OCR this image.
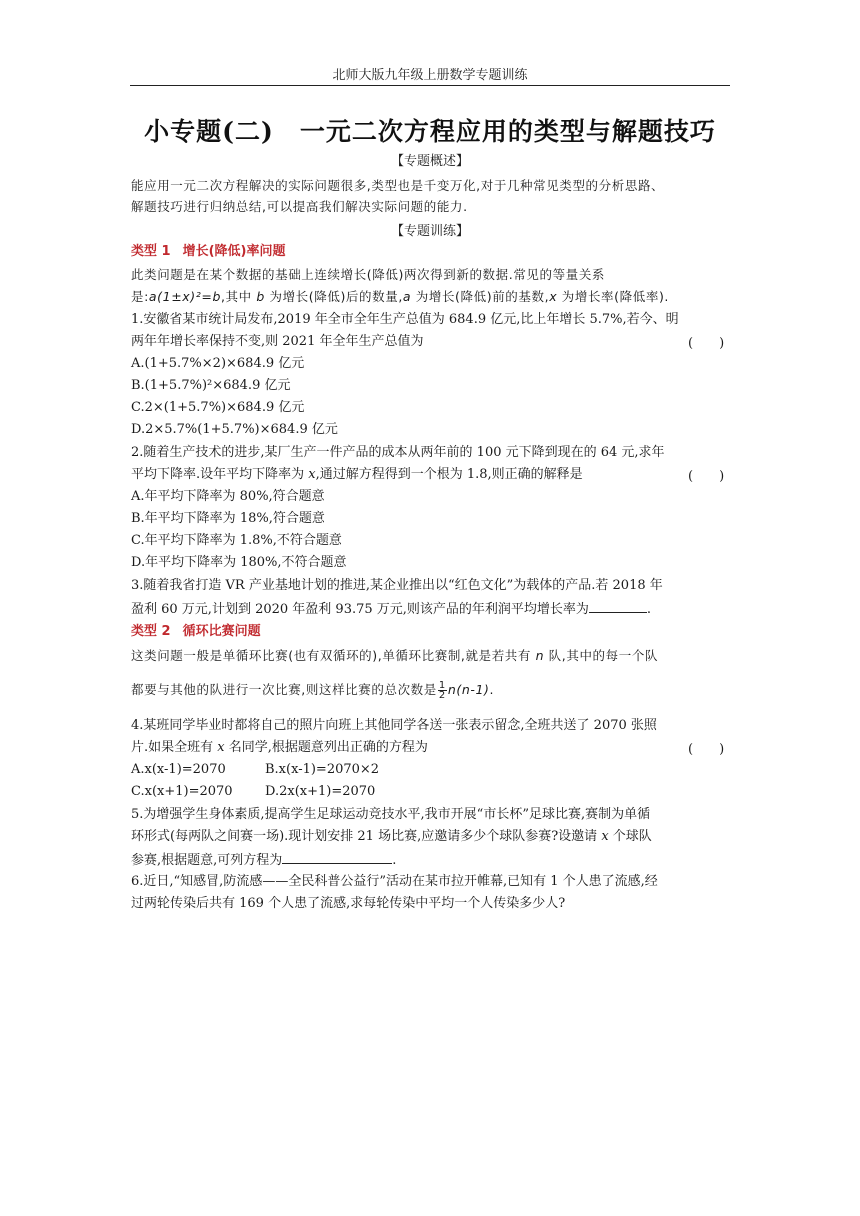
北师大版九年级上册数学专题训练
小专题(二)　一元二次方程应用的类型与解题技巧
【专题概述】
能应用一元二次方程解决的实际问题很多,类型也是千变万化,对于几种常见类型的分析思路、
解题技巧进行归纳总结,可以提高我们解决实际问题的能力.
【专题训练】
类型 1 增长(降低)率问题
此类问题是在某个数据的基础上连续增长(降低)两次得到新的数据.常见的等量关系
是:a(1±x)²=b,其中 b 为增长(降低)后的数量,a 为增长(降低)前的基数,x 为增长率(降低率).
1.安徽省某市统计局发布,2019 年全市全年生产总值为 684.9 亿元,比上年增长 5.7%,若今、明
两年年增长率保持不变,则 2021 年全年生产总值为	(　　)
A.(1+5.7%×2)×684.9 亿元
B.(1+5.7%)²×684.9 亿元
C.2×(1+5.7%)×684.9 亿元
D.2×5.7%(1+5.7%)×684.9 亿元
2.随着生产技术的进步,某厂生产一件产品的成本从两年前的 100 元下降到现在的 64 元,求年
平均下降率.设年平均下降率为 x,通过解方程得到一个根为 1.8,则正确的解释是	(　　)
A.年平均下降率为 80%,符合题意
B.年平均下降率为 18%,符合题意
C.年平均下降率为 1.8%,不符合题意
D.年平均下降率为 180%,不符合题意
3.随着我省打造 VR 产业基地计划的推进,某企业推出以“红色文化”为载体的产品.若 2018 年
盈利 60 万元,计划到 2020 年盈利 93.75 万元,则该产品的年利润平均增长率为	.
类型 2 循环比赛问题
这类问题一般是单循环比赛(也有双循环的),单循环比赛制,就是若共有 n 队,其中的每一个队
都要与其他的队进行一次比赛,则这样比赛的总次数是 $\frac{1}{2} n(n-1)$.
4.某班同学毕业时都将自己的照片向班上其他同学各送一张表示留念,全班共送了 2070 张照
片.如果全班有 x 名同学,根据题意列出正确的方程为	(　　)
A.x(x-1)=2070	B.x(x-1)=2070×2
C.x(x+1)=2070 D.2x(x+1)=2070
5.为增强学生身体素质,提高学生足球运动竞技水平,我市开展“市长杯”足球比赛,赛制为单循
环形式(每两队之间赛一场).现计划安排 21 场比赛,应邀请多少个球队参赛?设邀请 x 个球队
参赛,根据题意,可列方程为	.
6.近日,“知感冒,防流感——全民科普公益行”活动在某市拉开帷幕,已知有 1 个人患了流感,经
过两轮传染后共有 169 个人患了流感,求每轮传染中平均一个人传染多少人?
